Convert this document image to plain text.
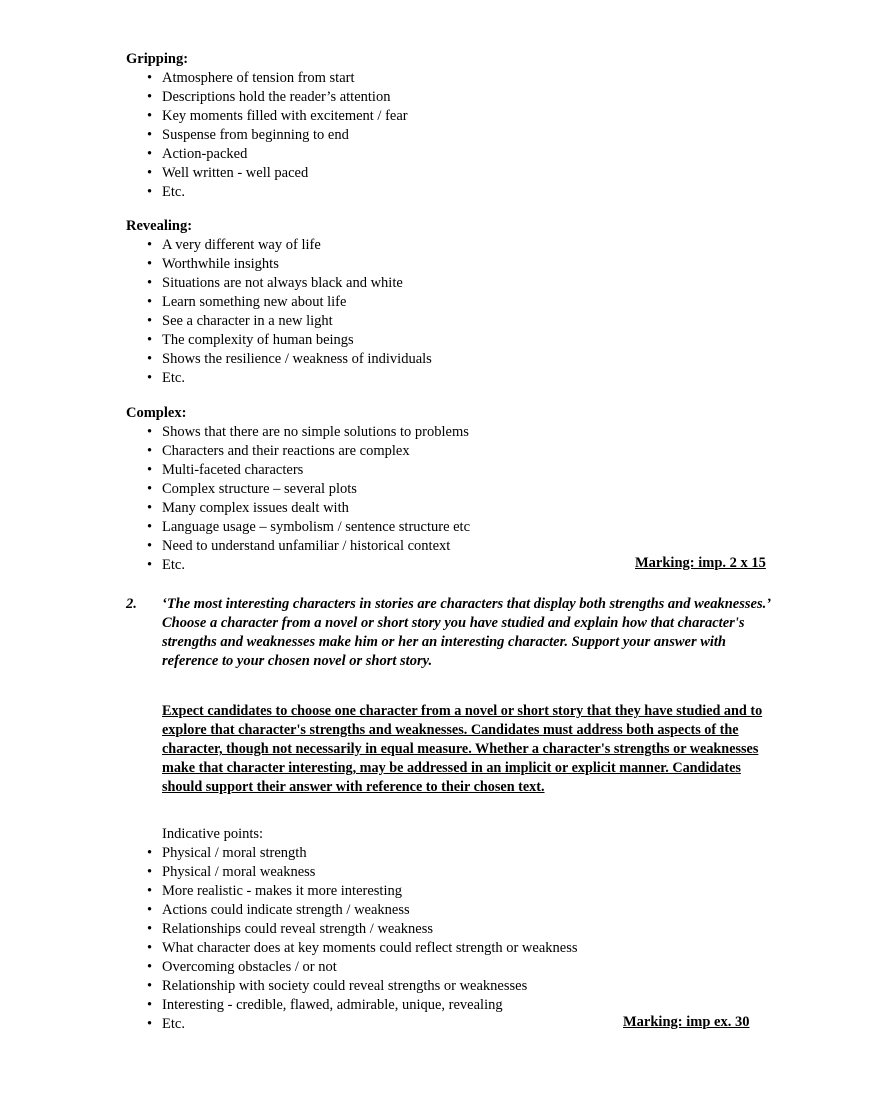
Gripping:

• Atmosphere of tension from start
• Descriptions hold the reader’s attention
• Key moments filled with excitement / fear
• Suspense from beginning to end
• Action-packed
• Well written - well paced
• Etc.

Revealing:

• A very different way of life
• Worthwhile insights
• Situations are not always black and white
• Learn something new about life
• See a character in a new light
• The complexity of human beings
• Shows the resilience / weakness of individuals
• Etc.

Complex:

• Shows that there are no simple solutions to problems
• Characters and their reactions are complex
• Multi-faceted characters
• Complex structure – several plots
• Many complex issues dealt with
• Language usage – symbolism / sentence structure etc
• Need to understand unfamiliar / historical context
• Etc.	Marking: imp. 2 x 15
2. ‘The most interesting characters in stories are characters that display both strengths and weaknesses.’ Choose a character from a novel or short story you have studied and explain how that character's strengths and weaknesses make him or her an interesting character. Support your answer with reference to your chosen novel or short story.

Expect candidates to choose one character from a novel or short story that they have studied and to explore that character's strengths and weaknesses. Candidates must address both aspects of the character, though not necessarily in equal measure. Whether a character's strengths or weaknesses make that character interesting, may be addressed in an implicit or explicit manner. Candidates should support their answer with reference to their chosen text.

Indicative points:

• Physical / moral strength
• Physical / moral weakness
• More realistic - makes it more interesting
• Actions could indicate strength / weakness
• Relationships could reveal strength / weakness
• What character does at key moments could reflect strength or weakness
• Overcoming obstacles / or not
• Relationship with society could reveal strengths or weaknesses
• Interesting - credible, flawed, admirable, unique, revealing
• Etc.	Marking: imp ex. 30
